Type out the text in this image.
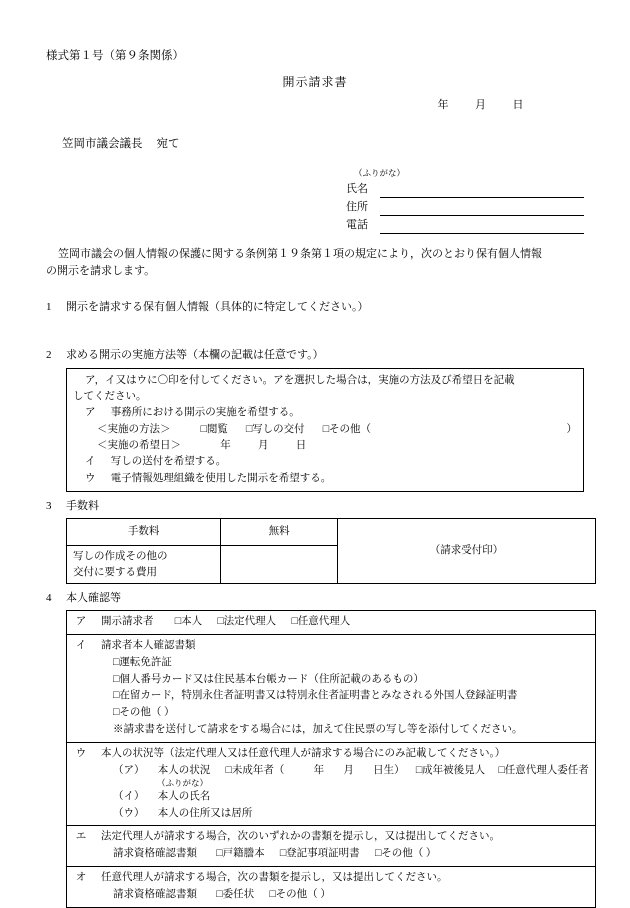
様式第１号（第９条関係）
開示請求書
年 月 日
笠岡市議会議長 宛て
（ふりがな）
氏名
住所
電話
笠岡市議会の個人情報の保護に関する条例第１９条第１項の規定により，次のとおり保有個人情報
の開示を請求します。
1	開示を請求する保有個人情報（具体的に特定してください。）
2	求める開示の実施方法等（本欄の記載は任意です。）
ア，イ又はウに〇印を付してください。アを選択した場合は，実施の方法及び希望日を記載
してください。
ア 事務所における開示の実施を希望する。
＜実施の方法＞	□閲覧 □写しの交付 □その他（	）
＜実施の希望日＞	年	月	日
イ 写しの送付を希望する。
ウ 電子情報処理組織を使用した開示を希望する。
3	手数料
手数料	無料	（請求受付印）

写しの作成その他の
交付に要する費用		

4	本人確認等
ア	開示請求者 □本人 □法定代理人 □任意代理人
イ	請求者本人確認書類
□運転免許証
□個人番号カード又は住民基本台帳カード（住所記載のあるもの）
□在留カード，特別永住者証明書又は特別永住者証明書とみなされる外国人登録証明書
□その他（ ）
※請求書を送付して請求をする場合には，加えて住民票の写し等を添付してください。

ウ	本人の状況等（法定代理人又は任意代理人が請求する場合にのみ記載してください。）
（ア） 本人の状況 □未成年者（ 年 月 日生） □成年被後見人 □任意代理人委任者
（ふりがな）
（イ） 本人の氏名
（ウ） 本人の住所又は居所

エ	法定代理人が請求する場合，次のいずれかの書類を提示し，又は提出してください。
請求資格確認書類 □戸籍謄本 □登記事項証明書 □その他（ ）

オ	任意代理人が請求する場合，次の書類を提示し，又は提出してください。
請求資格確認書類 □委任状 □その他（ ）
